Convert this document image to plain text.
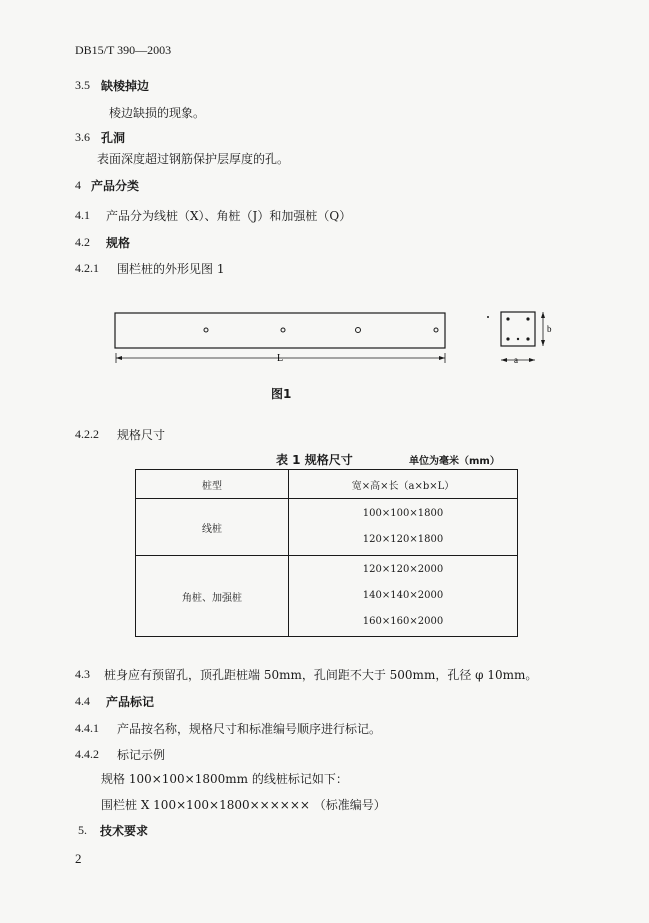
DB15/T 390—2003
3.5 缺棱掉边
棱边缺损的现象。
3.6 孔洞
表面深度超过钢筋保护层厚度的孔。
4 产品分类
4.1 产品分为线桩（X）、角桩（J）和加强桩（Q）
4.2 规格
4.2.1 围栏桩的外形见图 1
L
b
a
图1
4.2.2 规格尺寸
表 1 规格尺寸	单位为毫米（mm）
桩型	宽×高×长（a×b×L）
线桩	100×100×1800
120×120×1800

角桩、加强桩	120×120×2000
140×140×2000
160×160×2000
4.3 桩身应有预留孔，顶孔距桩端 50mm，孔间距不大于 500mm，孔径 φ 10mm。
4.4 产品标记
4.4.1 产品按名称，规格尺寸和标准编号顺序进行标记。
4.4.2 标记示例
规格 100×100×1800mm 的线桩标记如下：
围栏桩 X 100×100×1800×××××× （标准编号）
5. 技术要求
2
